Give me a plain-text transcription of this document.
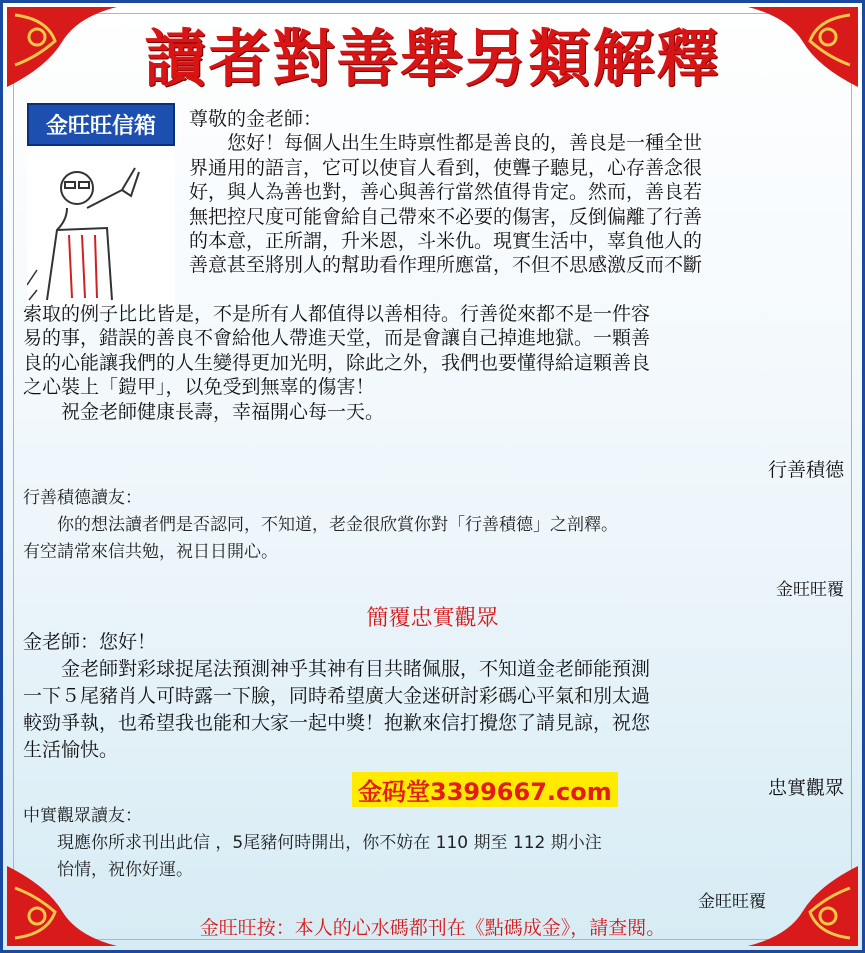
讀者對善舉另類解釋
金旺旺信箱	尊敬的金老師：
　　您好！每個人出生生時禀性都是善良的，善良是一種全世
界通用的語言，它可以使盲人看到，使聾子聽見，心存善念很
好，與人為善也對，善心與善行當然值得肯定。然而，善良若
無把控尺度可能會給自己帶來不必要的傷害，反倒偏離了行善
的本意，正所謂，升米恩，斗米仇。現實生活中，辜負他人的
善意甚至將別人的幫助看作理所應當，不但不思感激反而不斷
索取的例子比比皆是，不是所有人都值得以善相待。行善從來都不是一件容
易的事，錯誤的善良不會給他人帶進天堂，而是會讓自己掉進地獄。一顆善
良的心能讓我們的人生變得更加光明，除此之外，我們也要懂得給這顆善良
之心裝上「鎧甲」，以免受到無辜的傷害！
　　祝金老師健康長壽，幸福開心每一天。
行善積德
行善積德讀友：
　　你的想法讀者們是否認同，不知道，老金很欣賞你對「行善積德」之剖釋。
有空請常來信共勉，祝日日開心。
金旺旺覆
簡覆忠實觀眾
金老師：您好！
　　金老師對彩球捉尾法預測神乎其神有目共睹佩服，不知道金老師能預測
一下５尾豬肖人可時露一下臉，同時希望廣大金迷研討彩碼心平氣和別太過
較勁爭執，也希望我也能和大家一起中獎！抱歉來信打攪您了請見諒，祝您
生活愉快。
金码堂3399667.com	忠實觀眾
中實觀眾讀友：
　　現應你所求刊出此信 ，5尾豬何時開出，你不妨在 110 期至 112 期小注
　　怡情，祝你好運。
金旺旺覆
金旺旺按：本人的心水碼都刊在《點碼成金》，請查閱。
